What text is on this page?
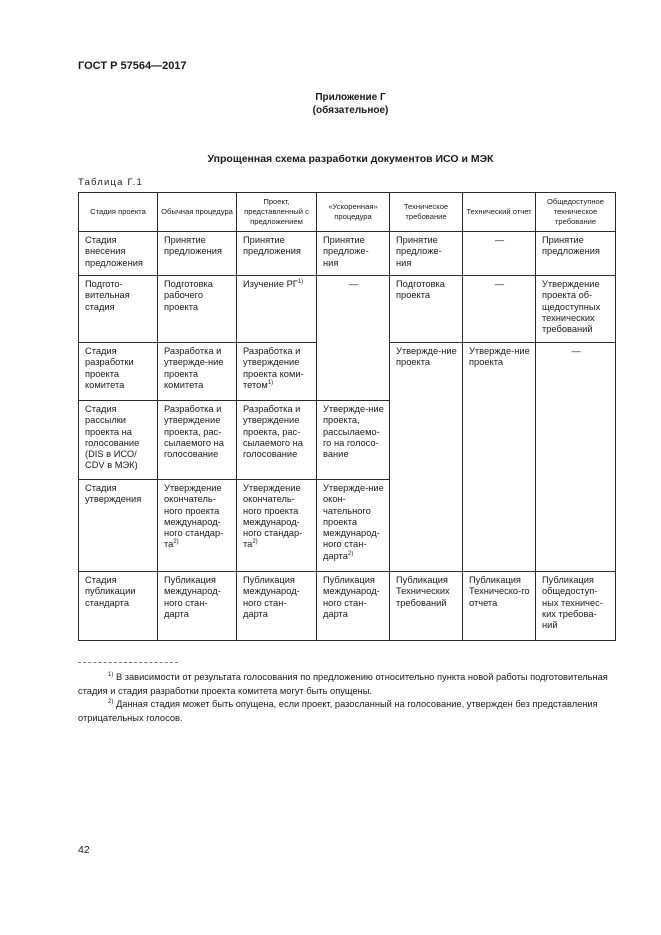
ГОСТ Р 57564—2017
Приложение Г
(обязательное)
Упрощенная схема разработки документов ИСО и МЭК
Таблица Г.1
Стадия проекта	Обычная процедура	Проект, представленный с предложением	«Ускоренная» процедура	Техническое требование	Технический отчет	Общедоступное техническое требование
Стадия внесения предложения	Принятие предложения	Принятие предложения	Принятие предложе-ния	Принятие предложе-ния	—	Принятие предложения
Подгото-вительная стадия	Подготовка рабочего проекта	Изучение РГ$^{1)}$	—	Подготовка проекта	—	Утверждение проекта об-щедоступных технических требований
Стадия разработки проекта комитета	Разработка и утвержде-ние проекта комитета	Разработка и утверждение проекта коми-тетом$^{1)}$		Утвержде-ние проекта	Утвержде-ние проекта	—
Стадия рассылки проекта на голосование (DIS в ИСО/ CDV в МЭК)	Разработка и утверждение проекта, рас-сылаемого на голосование	Разработка и утверждение проекта, рас-сылаемого на голосование	Утвержде-ние проекта, рассылаемо-го на голосо-вание			
Стадия утверждения	Утверждение окончатель-ного проекта международ-ного стандар-$та^{2)}$	Утверждение окончатель-ного проекта международ-ного стандар-$та^{2)}$	Утвержде-ние окон-чательного проекта международ-ного стан-дарта$^{2)}$
Стадия публикации стандарта	Публикация международ-ного стан-дарта	Публикация международ-ного стан-дарта	Публикация международ-ного стан-дарта	Публикация Технических требований	Публикация Техническо-го отчета	Публикация общедоступ-ных техничес-ких требова-ний
$^{1)}$ В зависимости от результата голосования по предложению относительно пункта новой работы подготовительная стадия и стадия разработки проекта комитета могут быть опущены.
$^{2)}$ Данная стадия может быть опущена, если проект, разосланный на голосование, утвержден без представления отрицательных голосов.
42
